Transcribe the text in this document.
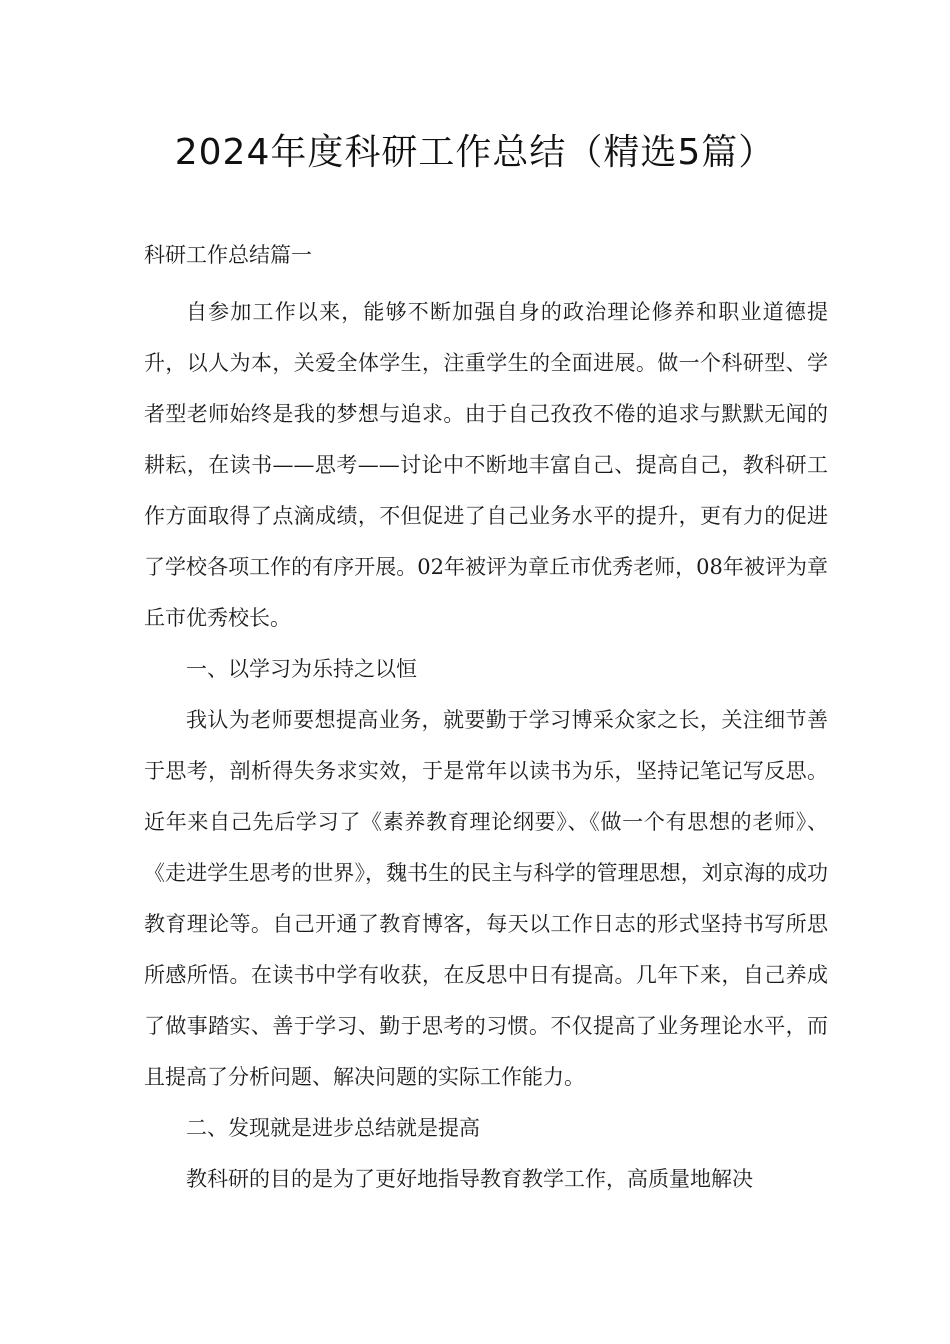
2024年度科研工作总结（精选5篇）

科研工作总结篇一

自参加工作以来，能够不断加强自身的政治理论修养和职业道德提升，以人为本，关爱全体学生，注重学生的全面进展。做一个科研型、学者型老师始终是我的梦想与追求。由于自己孜孜不倦的追求与默默无闻的耕耘，在读书——思考——讨论中不断地丰富自己、提高自己，教科研工作方面取得了点滴成绩，不但促进了自己业务水平的提升，更有力的促进了学校各项工作的有序开展。02年被评为章丘市优秀老师，08年被评为章丘市优秀校长。

一、以学习为乐持之以恒

我认为老师要想提高业务，就要勤于学习博采众家之长，关注细节善于思考，剖析得失务求实效，于是常年以读书为乐，坚持记笔记写反思。近年来自己先后学习了《素养教育理论纲要》、《做一个有思想的老师》、《走进学生思考的世界》，魏书生的民主与科学的管理思想，刘京海的成功教育理论等。自己开通了教育博客，每天以工作日志的形式坚持书写所思所感所悟。在读书中学有收获，在反思中日有提高。几年下来，自己养成了做事踏实、善于学习、勤于思考的习惯。不仅提高了业务理论水平，而且提高了分析问题、解决问题的实际工作能力。

二、发现就是进步总结就是提高

教科研的目的是为了更好地指导教育教学工作，高质量地解决
